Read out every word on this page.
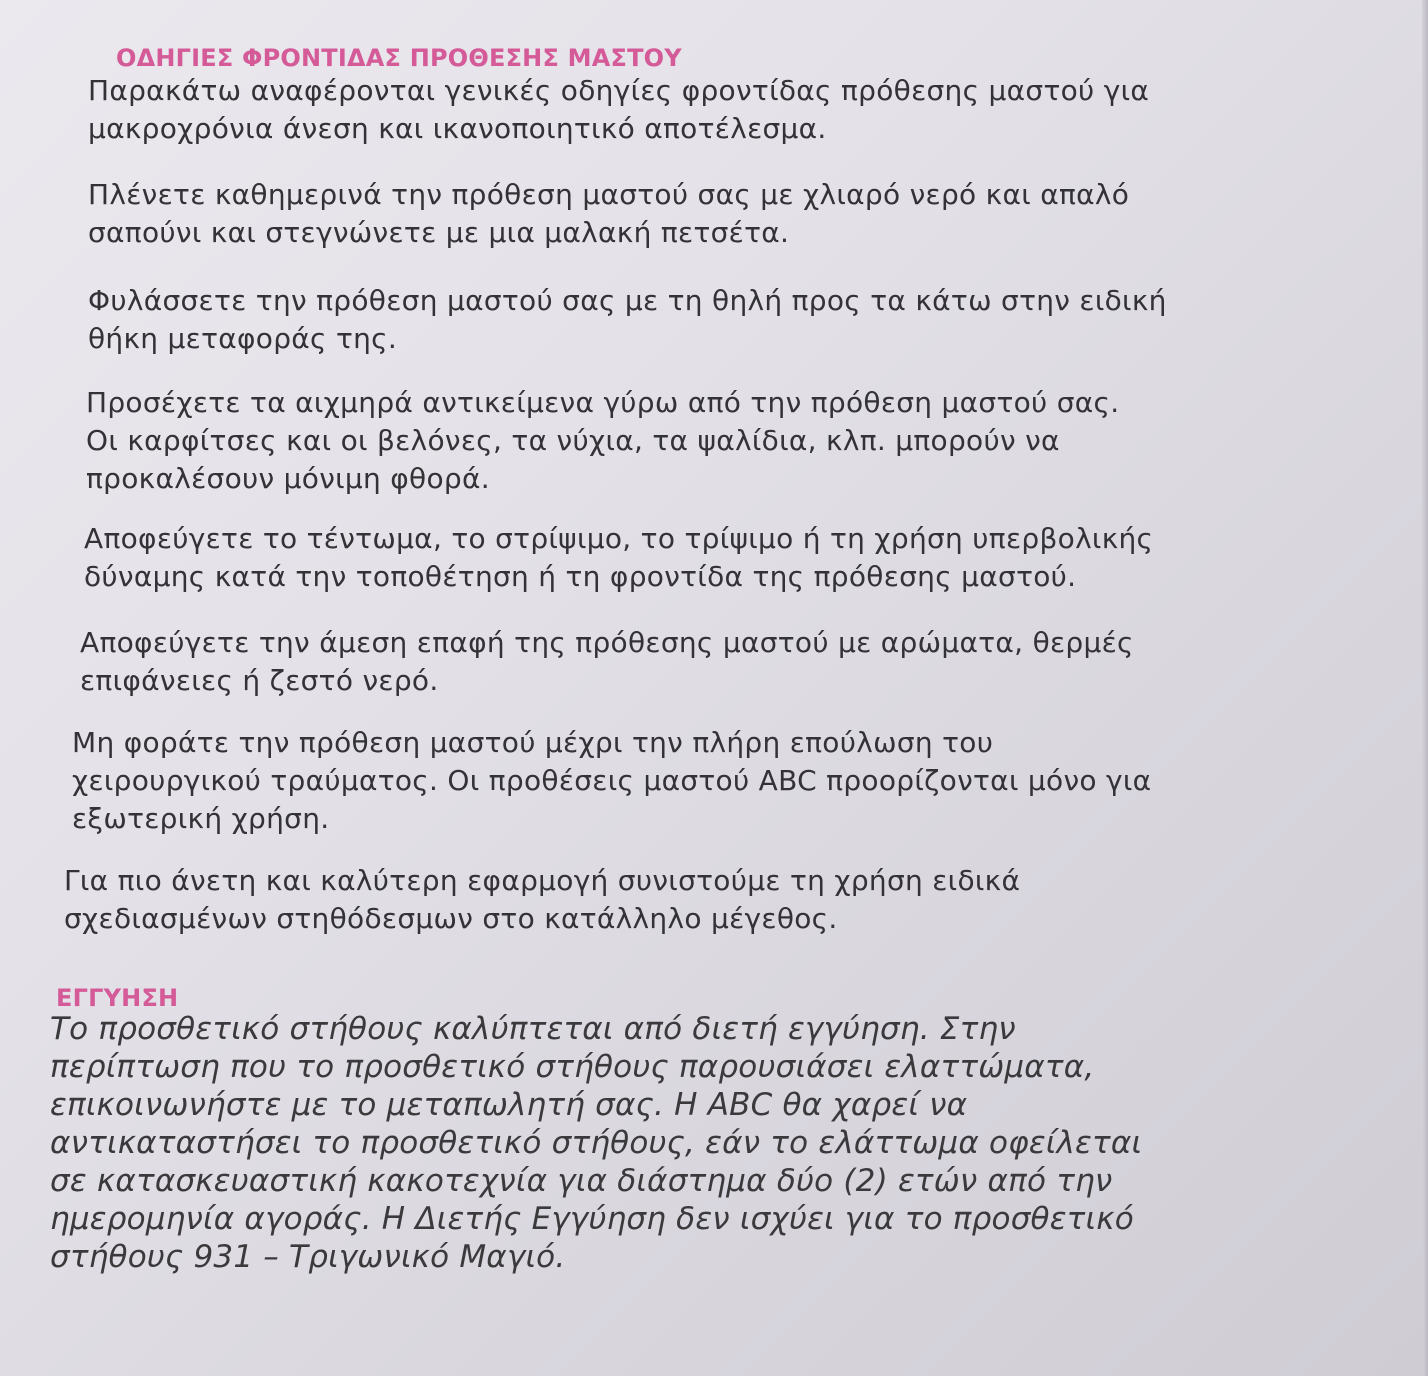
ΟΔΗΓΙΕΣ ΦΡΟΝΤΙΔΑΣ ΠΡΟΘΕΣΗΣ ΜΑΣΤΟΥ
Παρακάτω αναφέρονται γενικές οδηγίες φροντίδας πρόθεσης μαστού για
μακροχρόνια άνεση και ικανοποιητικό αποτέλεσμα.
Πλένετε καθημερινά την πρόθεση μαστού σας με χλιαρό νερό και απαλό
σαπούνι και στεγνώνετε με μια μαλακή πετσέτα.
Φυλάσσετε την πρόθεση μαστού σας με τη θηλή προς τα κάτω στην ειδική
θήκη μεταφοράς της.
Προσέχετε τα αιχμηρά αντικείμενα γύρω από την πρόθεση μαστού σας.
Οι καρφίτσες και οι βελόνες, τα νύχια, τα ψαλίδια, κλπ. μπορούν να
προκαλέσουν μόνιμη φθορά.
Αποφεύγετε το τέντωμα, το στρίψιμο, το τρίψιμο ή τη χρήση υπερβολικής
δύναμης κατά την τοποθέτηση ή τη φροντίδα της πρόθεσης μαστού.
Αποφεύγετε την άμεση επαφή της πρόθεσης μαστού με αρώματα, θερμές
επιφάνειες ή ζεστό νερό.
Μη φοράτε την πρόθεση μαστού μέχρι την πλήρη επούλωση του
χειρουργικού τραύματος. Οι προθέσεις μαστού ABC προορίζονται μόνο για
εξωτερική χρήση.
Για πιο άνετη και καλύτερη εφαρμογή συνιστούμε τη χρήση ειδικά
σχεδιασμένων στηθόδεσμων στο κατάλληλο μέγεθος.
ΕΓΓΥΗΣΗ
Το προσθετικό στήθους καλύπτεται από διετή εγγύηση. Στην
περίπτωση που το προσθετικό στήθους παρουσιάσει ελαττώματα,
επικοινωνήστε με το μεταπωλητή σας. Η ABC θα χαρεί να
αντικαταστήσει το προσθετικό στήθους, εάν το ελάττωμα οφείλεται
σε κατασκευαστική κακοτεχνία για διάστημα δύο (2) ετών από την
ημερομηνία αγοράς. Η Διετής Εγγύηση δεν ισχύει για το προσθετικό
στήθους 931 – Τριγωνικό Μαγιό.
